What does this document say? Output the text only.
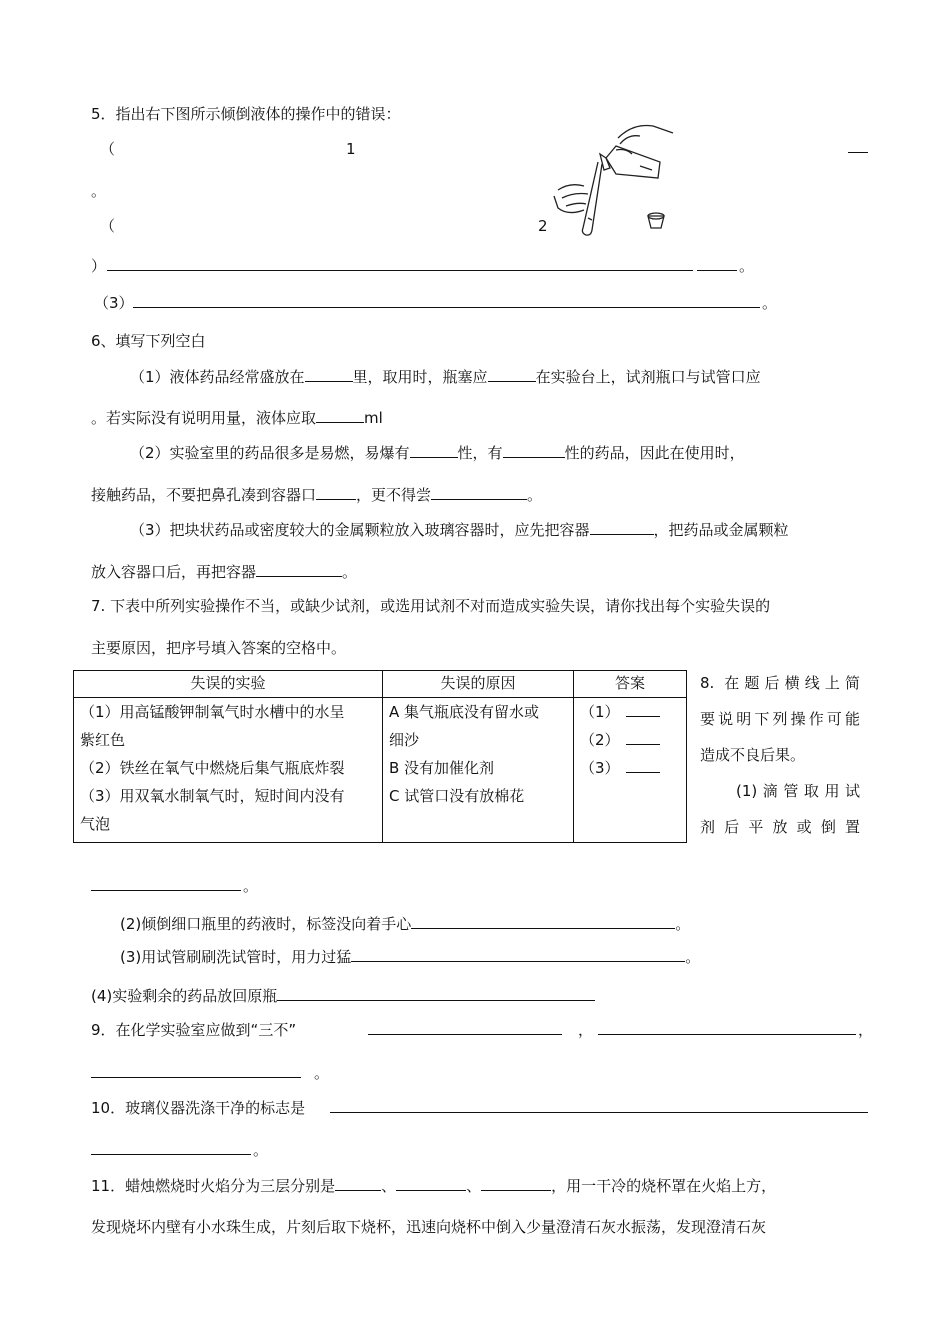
5．指出右下图所示倾倒液体的操作中的错误：
（	1
。
（	2
）	。
（3）	。
6、填写下列空白
（1）液体药品经常盛放在	里，取用时，瓶塞应	在实验台上，试剂瓶口与试管口应
。若实际没有说明用量，液体应取	ml
（2）实验室里的药品很多是易燃，易爆有	性，有	性的药品，因此在使用时，
接触药品，不要把鼻孔凑到容器口	，更不得尝	。
（3）把块状药品或密度较大的金属颗粒放入玻璃容器时，应先把容器	，把药品或金属颗粒
放入容器口后，再把容器	。
7. 下表中所列实验操作不当，或缺少试剂，或选用试剂不对而造成实验失误，请你找出每个实验失误的
主要原因，把序号填入答案的空格中。
失误的实验	失误的原因	答案

（1）用高锰酸钾制氧气时水槽中的水呈
紫红色
（2）铁丝在氧气中燃烧后集气瓶底炸裂
（3）用双氧水制氧气时，短时间内没有
气泡	A 集气瓶底没有留水或
细沙
B 没有加催化剂
C 试管口没有放棉花	（1）
（2）
（3）
8. 在题后横线上简
要说明下列操作可能
造成不良后果。
(1)滴管取用试
剂后平放或倒置
。
(2)倾倒细口瓶里的药液时，标签没向着手心	。
(3)用试管刷刷洗试管时，用力过猛	。
(4)实验剩余的药品放回原瓶
9．在化学实验室应做到“三不”	，	，
。
10．玻璃仪器洗涤干净的标志是
。
11．蜡烛燃烧时火焰分为三层分别是	、	、	，用一干冷的烧杯罩在火焰上方，
发现烧坏内壁有小水珠生成，片刻后取下烧杯，迅速向烧杯中倒入少量澄清石灰水振荡，发现澄清石灰
